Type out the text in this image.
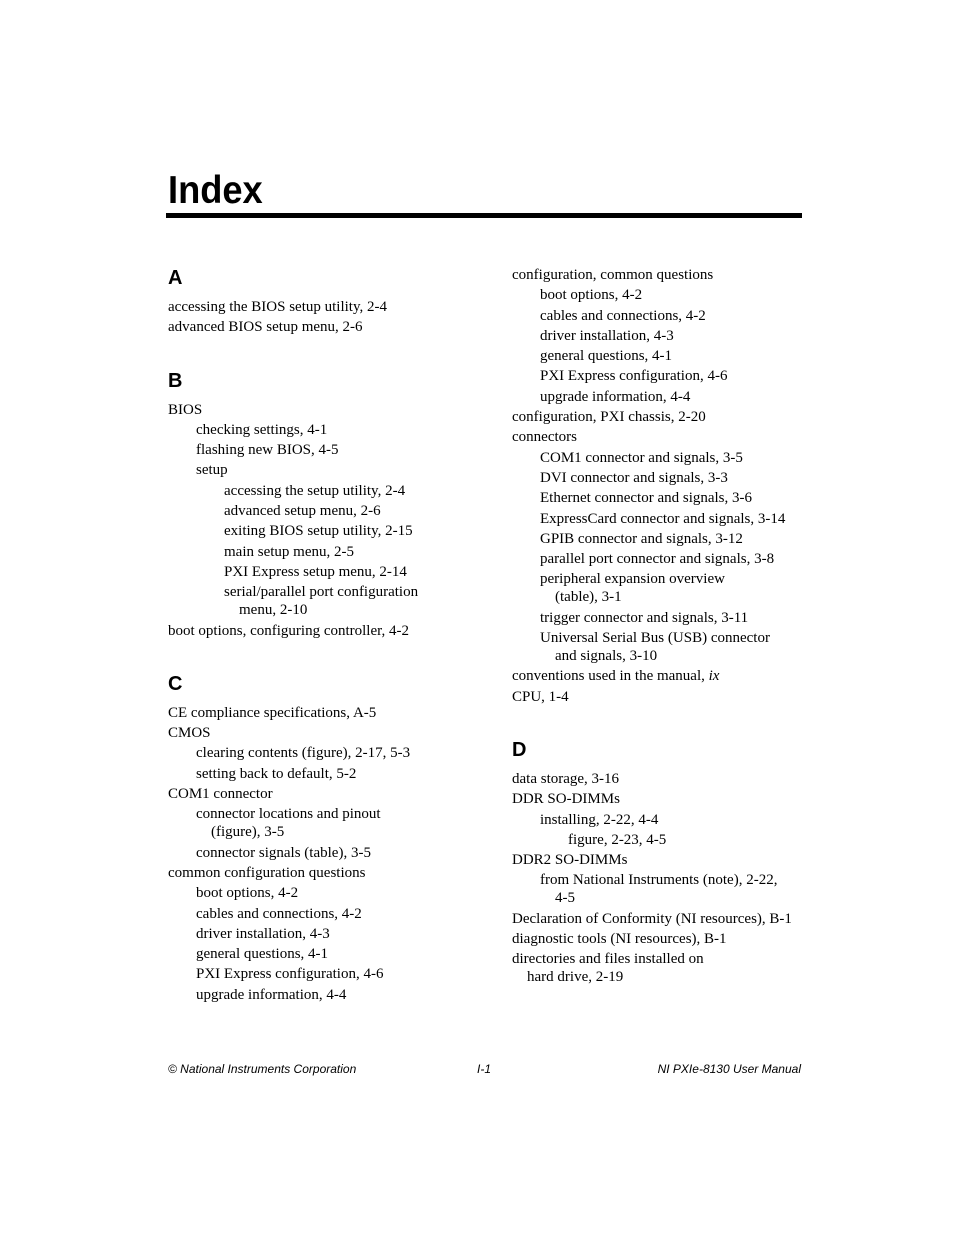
Index
A
accessing the BIOS setup utility, 2-4
advanced BIOS setup menu, 2-6
B
BIOS
checking settings, 4-1
flashing new BIOS, 4-5
setup
accessing the setup utility, 2-4
advanced setup menu, 2-6
exiting BIOS setup utility, 2-15
main setup menu, 2-5
PXI Express setup menu, 2-14
serial/parallel port configuration
menu, 2-10
boot options, configuring controller, 4-2
C
CE compliance specifications, A-5
CMOS
clearing contents (figure), 2-17, 5-3
setting back to default, 5-2
COM1 connector
connector locations and pinout
(figure), 3-5
connector signals (table), 3-5
common configuration questions
boot options, 4-2
cables and connections, 4-2
driver installation, 4-3
general questions, 4-1
PXI Express configuration, 4-6
upgrade information, 4-4
configuration, common questions
boot options, 4-2
cables and connections, 4-2
driver installation, 4-3
general questions, 4-1
PXI Express configuration, 4-6
upgrade information, 4-4
configuration, PXI chassis, 2-20
connectors
COM1 connector and signals, 3-5
DVI connector and signals, 3-3
Ethernet connector and signals, 3-6
ExpressCard connector and signals, 3-14
GPIB connector and signals, 3-12
parallel port connector and signals, 3-8
peripheral expansion overview
(table), 3-1
trigger connector and signals, 3-11
Universal Serial Bus (USB) connector
and signals, 3-10
conventions used in the manual, ix
CPU, 1-4
D
data storage, 3-16
DDR SO-DIMMs
installing, 2-22, 4-4
figure, 2-23, 4-5
DDR2 SO-DIMMs
from National Instruments (note), 2-22,
4-5
Declaration of Conformity (NI resources), B-1
diagnostic tools (NI resources), B-1
directories and files installed on
hard drive, 2-19
© National Instruments Corporation	I-1	NI PXIe-8130 User Manual
